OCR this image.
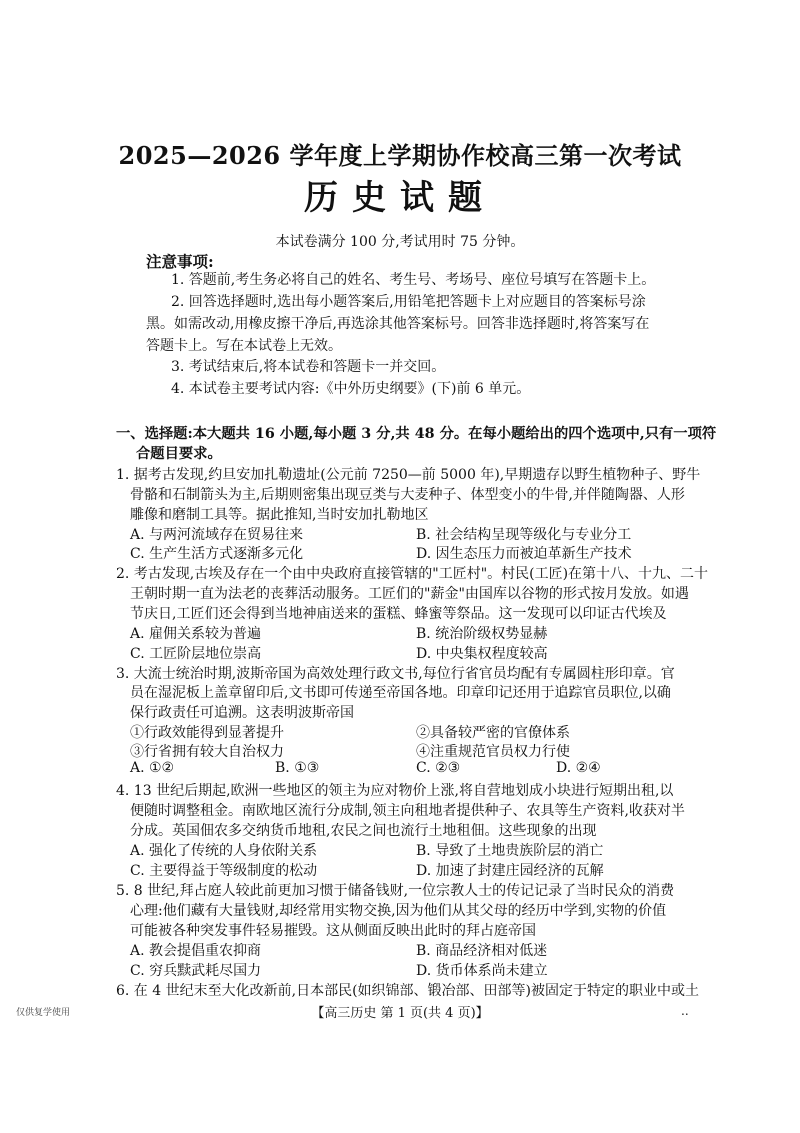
2025—2026 学年度上学期协作校高三第一次考试
历史试题
本试卷满分 100 分,考试用时 75 分钟。
注意事项:
1. 答题前,考生务必将自己的姓名、考生号、考场号、座位号填写在答题卡上。
2. 回答选择题时,选出每小题答案后,用铅笔把答题卡上对应题目的答案标号涂
黑。如需改动,用橡皮擦干净后,再选涂其他答案标号。回答非选择题时,将答案写在
答题卡上。写在本试卷上无效。
3. 考试结束后,将本试卷和答题卡一并交回。
4. 本试卷主要考试内容:《中外历史纲要》(下)前 6 单元。
一、选择题:本大题共 16 小题,每小题 3 分,共 48 分。在每小题给出的四个选项中,只有一项符
合题目要求。
1. 据考古发现,约旦安加扎勒遗址(公元前 7250—前 5000 年),早期遗存以野生植物种子、野牛
骨骼和石制箭头为主,后期则密集出现豆类与大麦种子、体型变小的牛骨,并伴随陶器、人形
雕像和磨制工具等。据此推知,当时安加扎勒地区
A. 与两河流域存在贸易往来	B. 社会结构呈现等级化与专业分工
C. 生产生活方式逐渐多元化	D. 因生态压力而被迫革新生产技术
2. 考古发现,古埃及存在一个由中央政府直接管辖的"工匠村"。村民(工匠)在第十八、十九、二十
王朝时期一直为法老的丧葬活动服务。工匠们的"薪金"由国库以谷物的形式按月发放。如遇
节庆日,工匠们还会得到当地神庙送来的蛋糕、蜂蜜等祭品。这一发现可以印证古代埃及
A. 雇佣关系较为普遍	B. 统治阶级权势显赫
C. 工匠阶层地位崇高	D. 中央集权程度较高
3. 大流士统治时期,波斯帝国为高效处理行政文书,每位行省官员均配有专属圆柱形印章。官
员在湿泥板上盖章留印后,文书即可传递至帝国各地。印章印记还用于追踪官员职位,以确
保行政责任可追溯。这表明波斯帝国
①行政效能得到显著提升	②具备较严密的官僚体系
③行省拥有较大自治权力	④注重规范官员权力行使
A. ①②	B. ①③	C. ②③	D. ②④
4. 13 世纪后期起,欧洲一些地区的领主为应对物价上涨,将自营地划成小块进行短期出租,以
便随时调整租金。南欧地区流行分成制,领主向租地者提供种子、农具等生产资料,收获对半
分成。英国佃农多交纳货币地租,农民之间也流行土地租佃。这些现象的出现
A. 强化了传统的人身依附关系	B. 导致了土地贵族阶层的消亡
C. 主要得益于等级制度的松动	D. 加速了封建庄园经济的瓦解
5. 8 世纪,拜占庭人较此前更加习惯于储备钱财,一位宗教人士的传记记录了当时民众的消费
心理:他们藏有大量钱财,却经常用实物交换,因为他们从其父母的经历中学到,实物的价值
可能被各种突发事件轻易摧毁。这从侧面反映出此时的拜占庭帝国
A. 教会提倡重农抑商	B. 商品经济相对低迷
C. 穷兵黩武耗尽国力	D. 货币体系尚未建立
6. 在 4 世纪末至大化改新前,日本部民(如织锦部、锻冶部、田部等)被固定于特定的职业中或土
仅供复学使用	【高三历史 第 1 页(共 4 页)】	..
